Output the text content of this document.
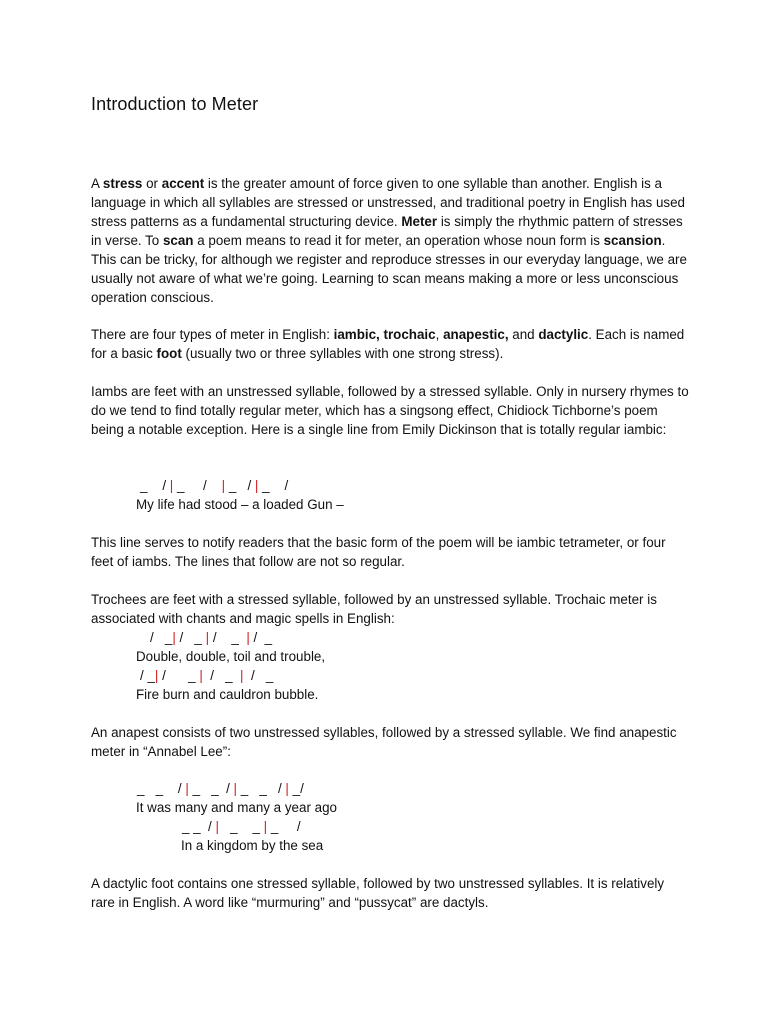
Introduction to Meter

A stress or accent is the greater amount of force given to one syllable than another. English is a language in which all syllables are stressed or unstressed, and traditional poetry in English has used stress patterns as a fundamental structuring device. Meter is simply the rhythmic pattern of stresses in verse. To scan a poem means to read it for meter, an operation whose noun form is scansion. This can be tricky, for although we register and reproduce stresses in our everyday language, we are usually not aware of what we’re going. Learning to scan means making a more or less unconscious operation conscious.

There are four types of meter in English: iambic, trochaic, anapestic, and dactylic. Each is named for a basic foot (usually two or three syllables with one strong stress).

Iambs are feet with an unstressed syllable, followed by a stressed syllable. Only in nursery rhymes to do we tend to find totally regular meter, which has a singsong effect, Chidiock Tichborne’s poem being a notable exception. Here is a single line from Emily Dickinson that is totally regular iambic:

_    / | _     /    | _   / | _    /
My life had stood – a loaded Gun –

This line serves to notify readers that the basic form of the poem will be iambic tetrameter, or four feet of iambs. The lines that follow are not so regular.

Trochees are feet with a stressed syllable, followed by an unstressed syllable. Trochaic meter is associated with chants and magic spells in English:

/   _| /   _ | /    _  | /  _
Double, double, toil and trouble,
/ _| /      _ |  /   _  |  /   _
Fire burn and cauldron bubble.

An anapest consists of two unstressed syllables, followed by a stressed syllable. We find anapestic meter in “Annabel Lee”:

_   _    / | _   _  / | _   _   / | _/
It was many and many a year ago
_ _  / |   _    _ | _     /
In a kingdom by the sea

A dactylic foot contains one stressed syllable, followed by two unstressed syllables. It is relatively rare in English. A word like “murmuring” and “pussycat” are dactyls.
